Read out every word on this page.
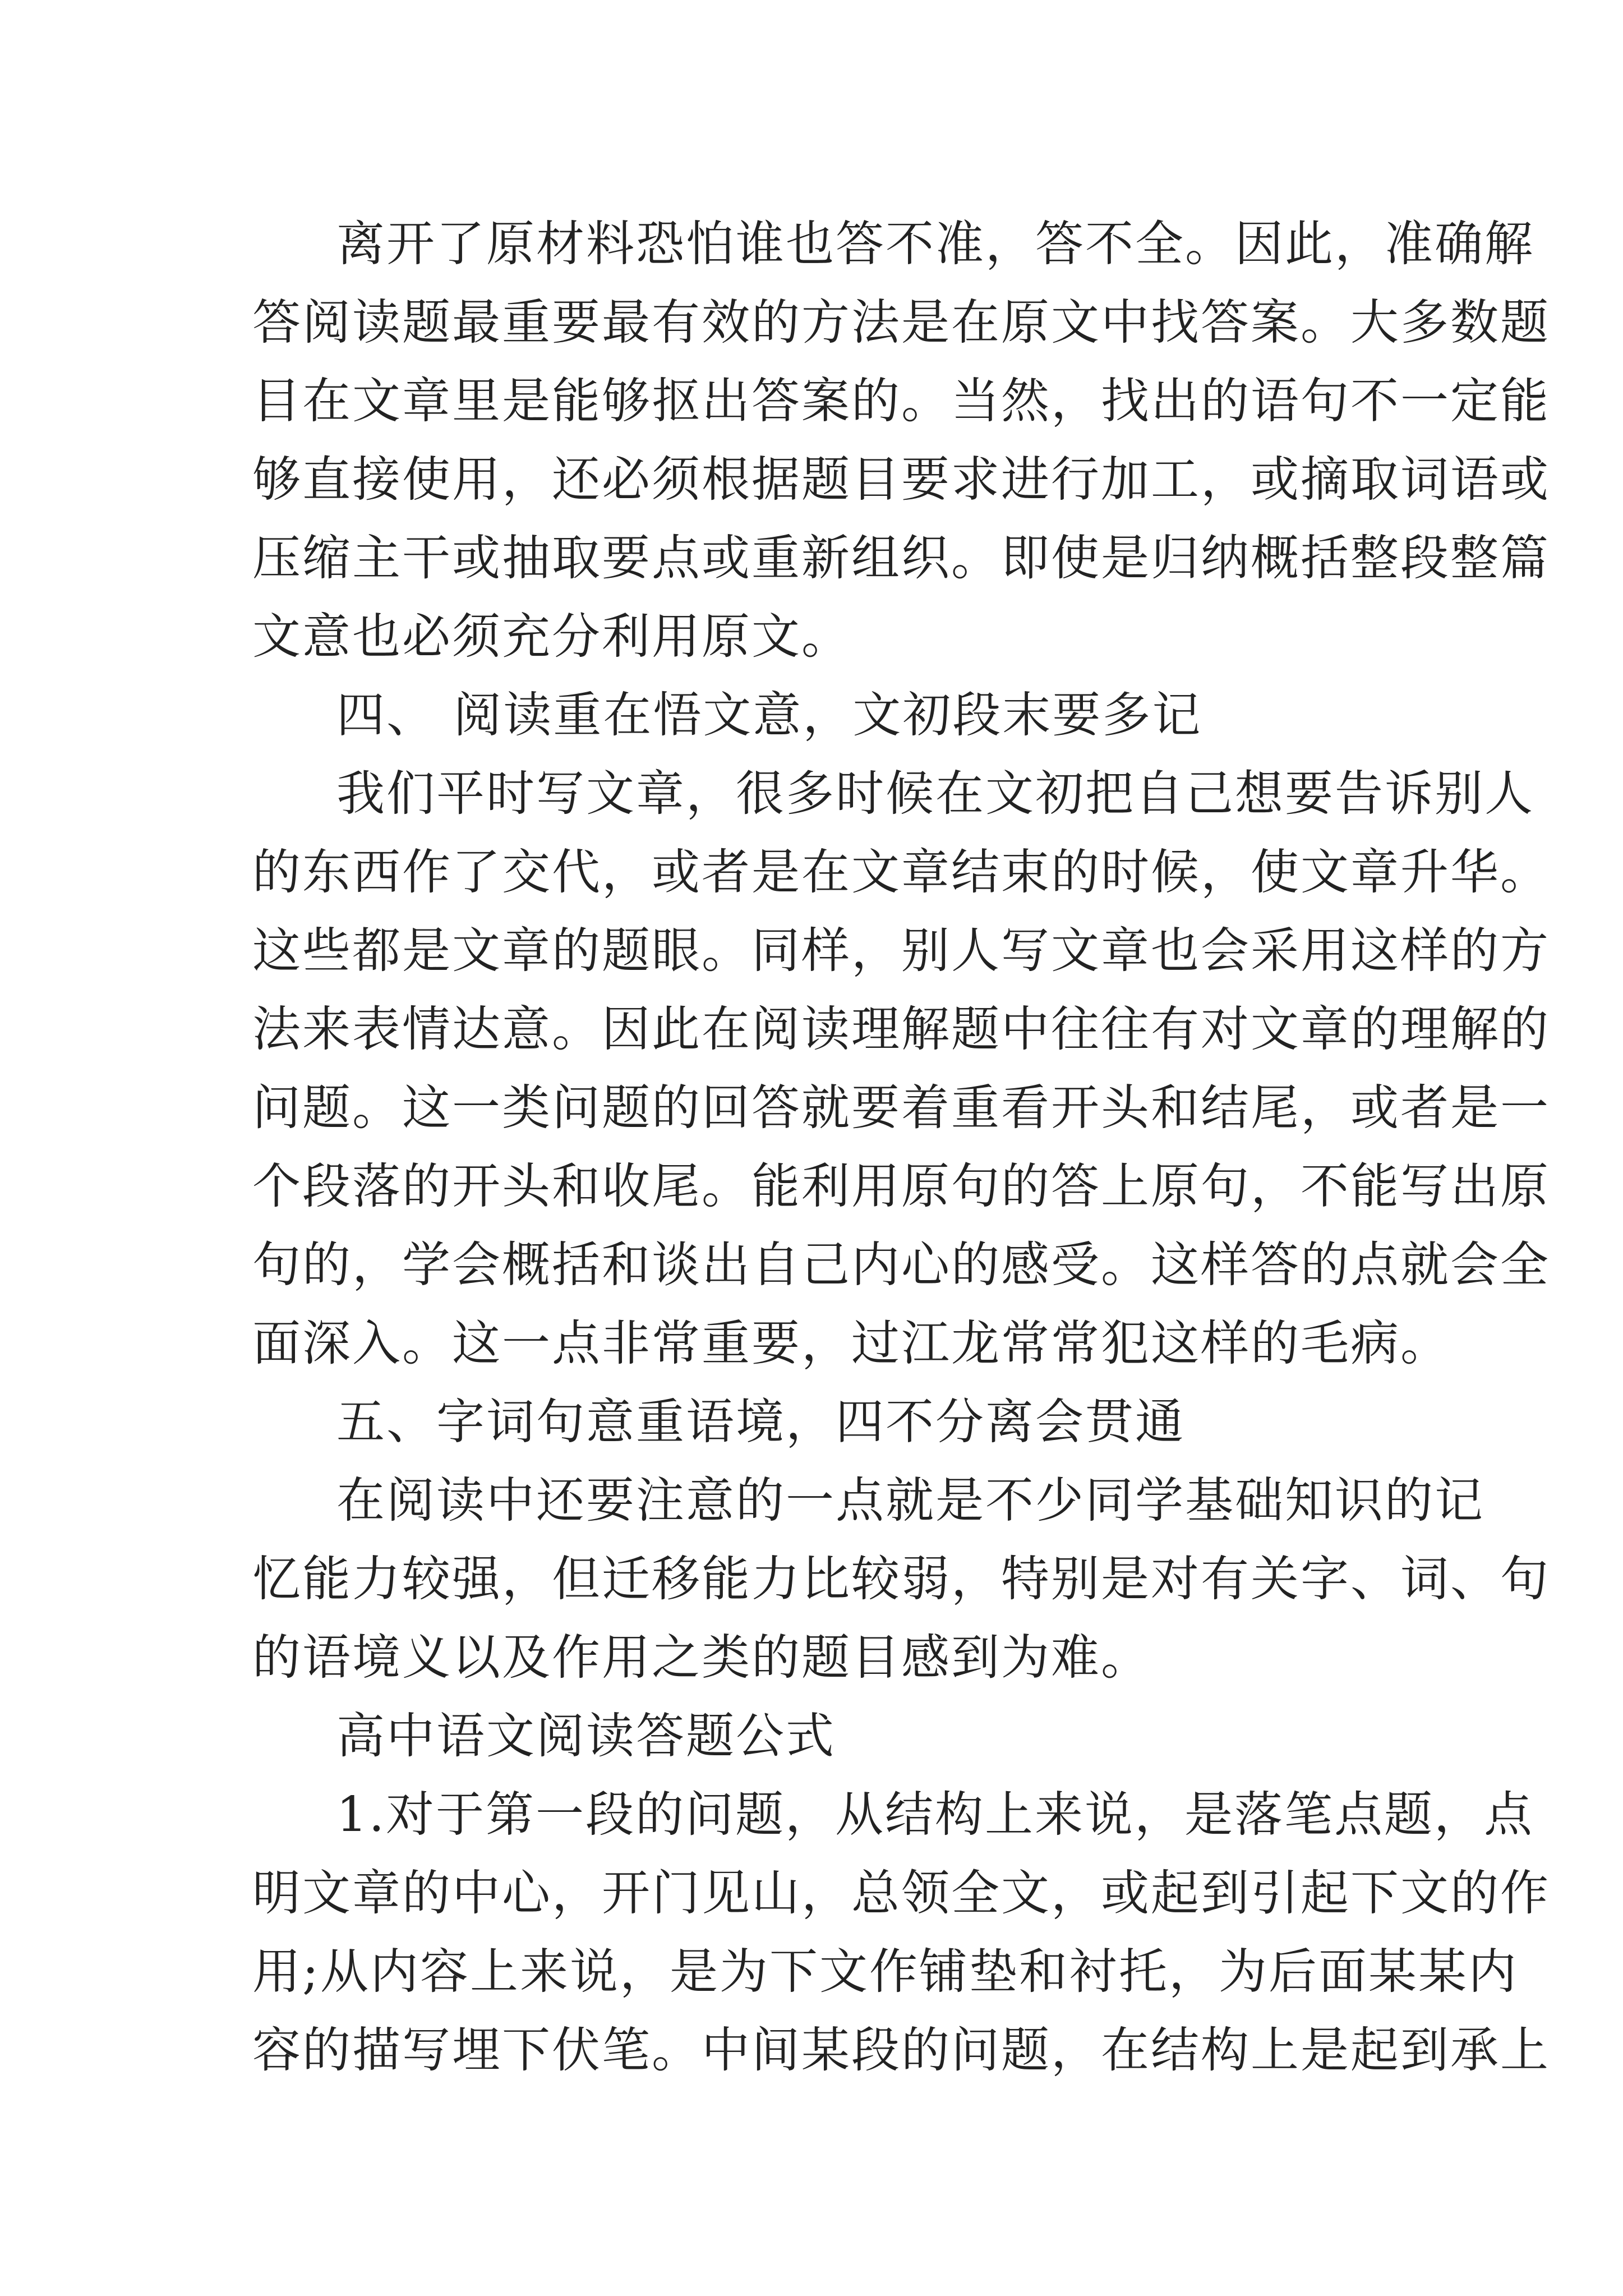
离开了原材料恐怕谁也答不准，答不全。因此，准确解
答阅读题最重要最有效的方法是在原文中找答案。大多数题
目在文章里是能够抠出答案的。当然，找出的语句不一定能
够直接使用，还必须根据题目要求进行加工，或摘取词语或
压缩主干或抽取要点或重新组织。即使是归纳概括整段整篇
文意也必须充分利用原文。
四、 阅读重在悟文意，文初段末要多记
我们平时写文章，很多时候在文初把自己想要告诉别人
的东西作了交代，或者是在文章结束的时候，使文章升华。
这些都是文章的题眼。同样，别人写文章也会采用这样的方
法来表情达意。因此在阅读理解题中往往有对文章的理解的
问题。这一类问题的回答就要着重看开头和结尾，或者是一
个段落的开头和收尾。能利用原句的答上原句，不能写出原
句的，学会概括和谈出自己内心的感受。这样答的点就会全
面深入。这一点非常重要，过江龙常常犯这样的毛病。
五、字词句意重语境，四不分离会贯通
在阅读中还要注意的一点就是不少同学基础知识的记
忆能力较强，但迁移能力比较弱，特别是对有关字、词、句
的语境义以及作用之类的题目感到为难。
高中语文阅读答题公式
1.对于第一段的问题，从结构上来说，是落笔点题，点
明文章的中心，开门见山，总领全文，或起到引起下文的作
用;从内容上来说，是为下文作铺垫和衬托，为后面某某内
容的描写埋下伏笔。中间某段的问题，在结构上是起到承上
